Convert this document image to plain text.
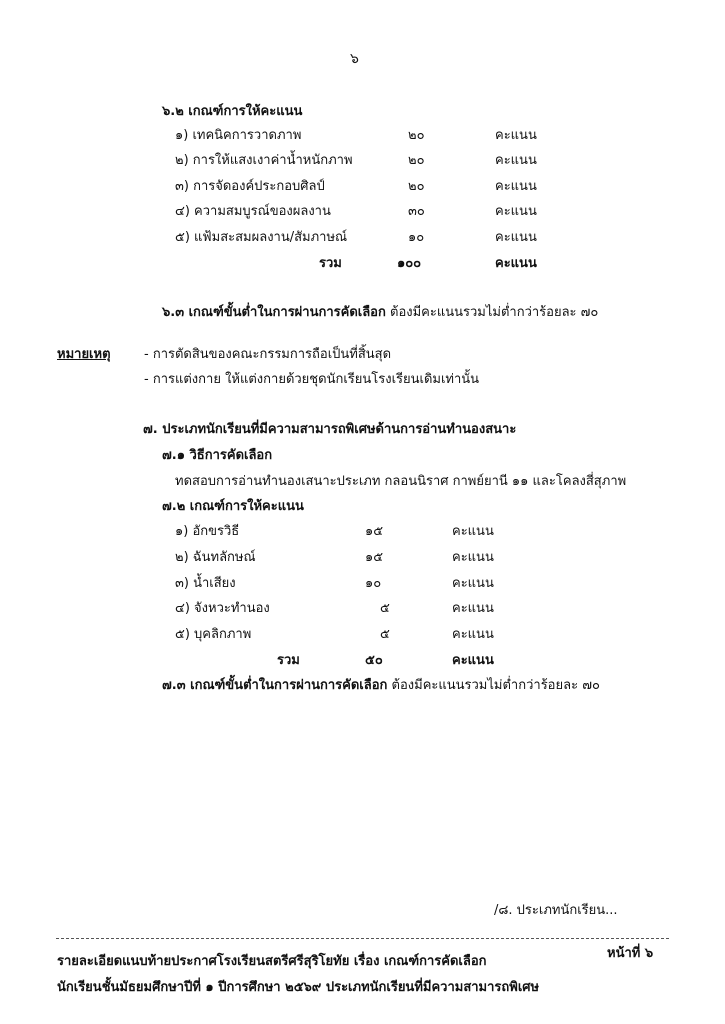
๖
๖.๒ เกณฑ์การให้คะแนน
๑) เทคนิคการวาดภาพ	๒๐	คะแนน
๒) การให้แสงเงาค่าน้ำหนักภาพ	๒๐	คะแนน
๓) การจัดองค์ประกอบศิลป์	๒๐	คะแนน
๔) ความสมบูรณ์ของผลงาน	๓๐	คะแนน
๕) แฟ้มสะสมผลงาน/สัมภาษณ์	๑๐	คะแนน
รวม	๑๐๐	คะแนน
๖.๓ เกณฑ์ขั้นต่ำในการผ่านการคัดเลือก ต้องมีคะแนนรวมไม่ต่ำกว่าร้อยละ ๗๐
หมายเหตุ	- การตัดสินของคณะกรรมการถือเป็นที่สิ้นสุด
- การแต่งกาย ให้แต่งกายด้วยชุดนักเรียนโรงเรียนเดิมเท่านั้น
๗. ประเภทนักเรียนที่มีความสามารถพิเศษด้านการอ่านทำนองสนาะ
๗.๑ วิธีการคัดเลือก
ทดสอบการอ่านทำนองเสนาะประเภท กลอนนิราศ กาพย์ยานี ๑๑ และโคลงสี่สุภาพ
๗.๒ เกณฑ์การให้คะแนน
๑) อักขรวิธี	๑๕	คะแนน
๒) ฉันทลักษณ์	๑๕	คะแนน
๓) น้ำเสียง	๑๐	คะแนน
๔) จังหวะทำนอง	๕	คะแนน
๕) บุคลิกภาพ	๕	คะแนน
รวม	๕๐	คะแนน
๗.๓ เกณฑ์ขั้นต่ำในการผ่านการคัดเลือก ต้องมีคะแนนรวมไม่ต่ำกว่าร้อยละ ๗๐
/๘. ประเภทนักเรียน...
รายละเอียดแนบท้ายประกาศโรงเรียนสตรีศรีสุริโยทัย เรื่อง เกณฑ์การคัดเลือก
หน้าที่ ๖
นักเรียนชั้นมัธยมศึกษาปีที่ ๑ ปีการศึกษา ๒๕๖๙ ประเภทนักเรียนที่มีความสามารถพิเศษ
